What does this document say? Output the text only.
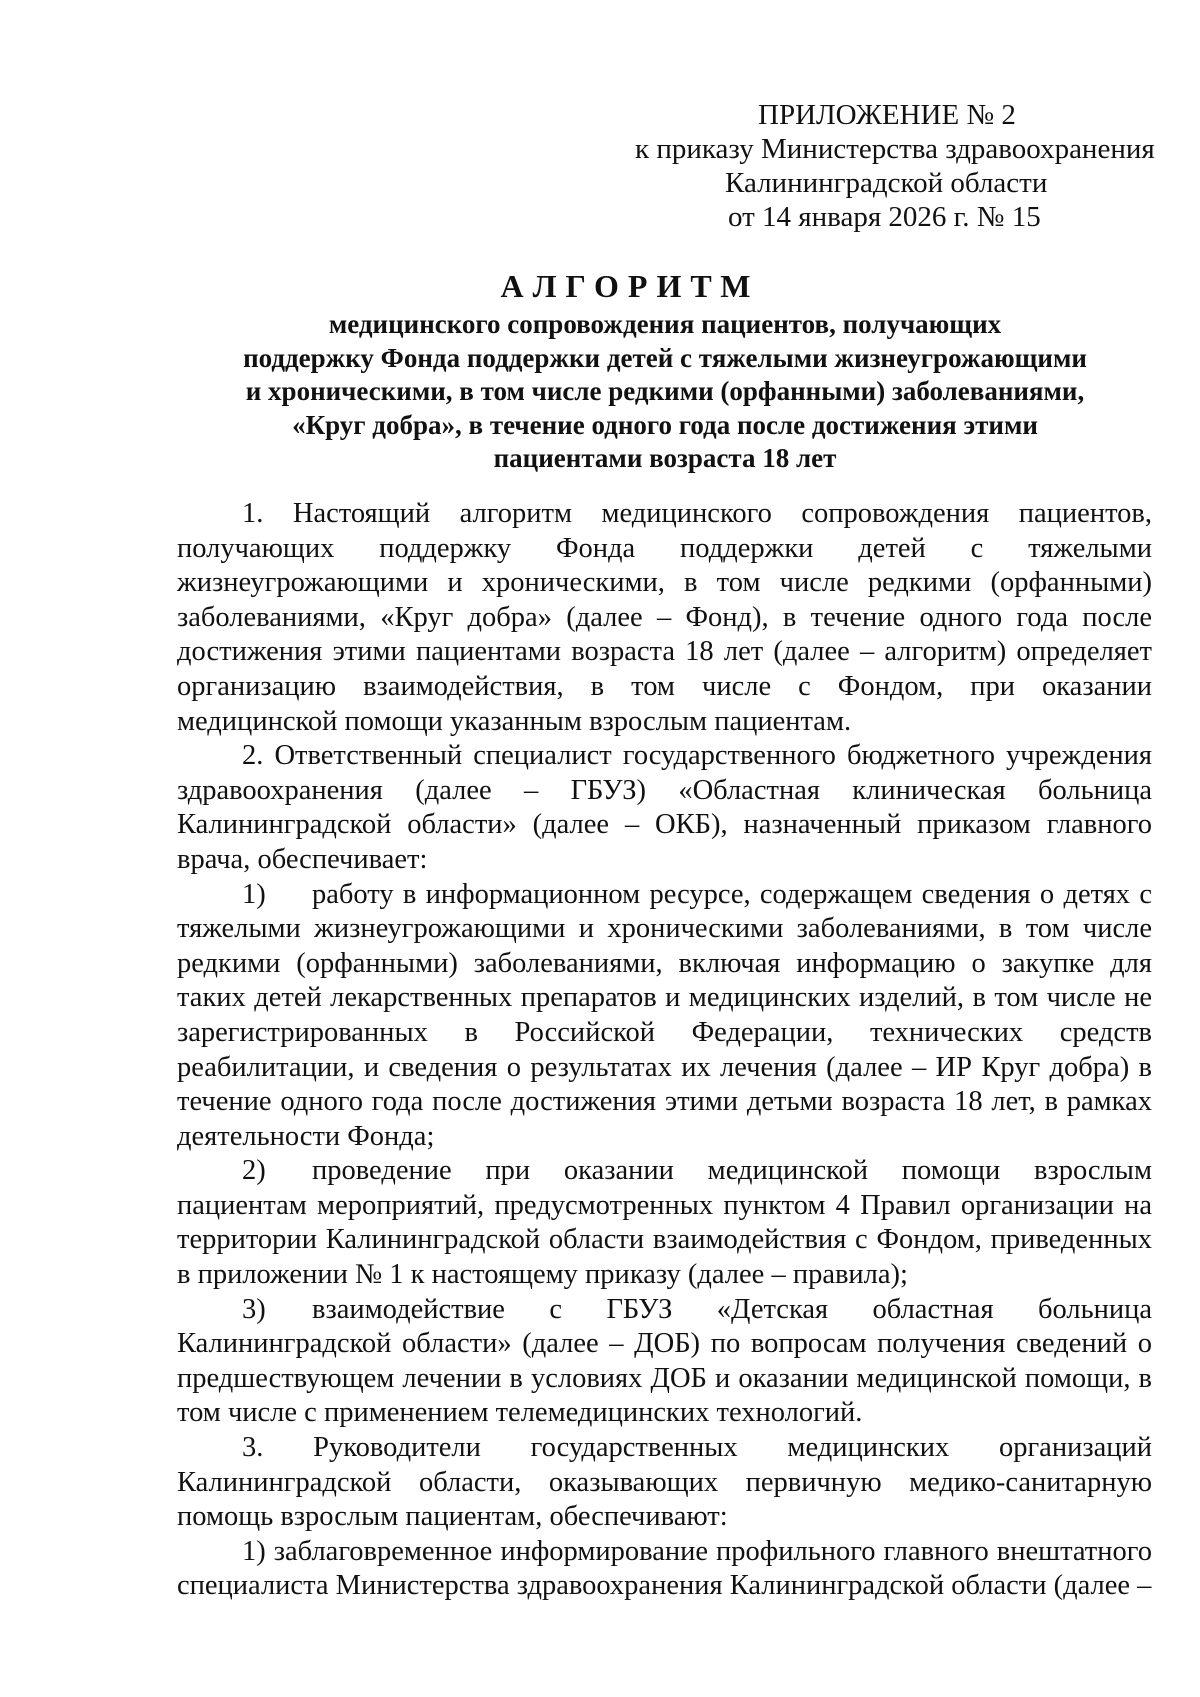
ПРИЛОЖЕНИЕ № 2
к приказу Министерства здравоохранения
Калининградской области
от 14 января 2026 г. № 15
АЛГОРИТМ
медицинского сопровождения пациентов, получающих
поддержку Фонда поддержки детей с тяжелыми жизнеугрожающими
и хроническими, в том числе редкими (орфанными) заболеваниями,
«Круг добра», в течение одного года после достижения этими
пациентами возраста 18 лет

1. Настоящий алгоритм медицинского сопровождения пациентов, получающих поддержку Фонда поддержки детей с тяжелыми жизнеугрожающими и хроническими, в том числе редкими (орфанными) заболеваниями, «Круг добра» (далее – Фонд), в течение одного года после достижения этими пациентами возраста 18 лет (далее – алгоритм) определяет организацию взаимодействия, в том числе с Фондом, при оказании медицинской помощи указанным взрослым пациентам.

2. Ответственный специалист государственного бюджетного учреждения здравоохранения (далее – ГБУЗ) «Областная клиническая больница Калининградской области» (далее – ОКБ), назначенный приказом главного врача, обеспечивает:

1) работу в информационном ресурсе, содержащем сведения о детях с тяжелыми жизнеугрожающими и хроническими заболеваниями, в том числе редкими (орфанными) заболеваниями, включая информацию о закупке для таких детей лекарственных препаратов и медицинских изделий, в том числе не зарегистрированных в Российской Федерации, технических средств реабилитации, и сведения о результатах их лечения (далее – ИР Круг добра) в течение одного года после достижения этими детьми возраста 18 лет, в рамках деятельности Фонда;

2) проведение при оказании медицинской помощи взрослым пациентам мероприятий, предусмотренных пунктом 4 Правил организации на территории Калининградской области взаимодействия с Фондом, приведенных в приложении № 1 к настоящему приказу (далее – правила);

3) взаимодействие с ГБУЗ «Детская областная больница Калининградской области» (далее – ДОБ) по вопросам получения сведений о предшествующем лечении в условиях ДОБ и оказании медицинской помощи, в том числе с применением телемедицинских технологий.

3. Руководители государственных медицинских организаций Калининградской области, оказывающих первичную медико-санитарную помощь взрослым пациентам, обеспечивают:

1) заблаговременное информирование профильного главного внештатного специалиста Министерства здравоохранения Калининградской области (далее –
